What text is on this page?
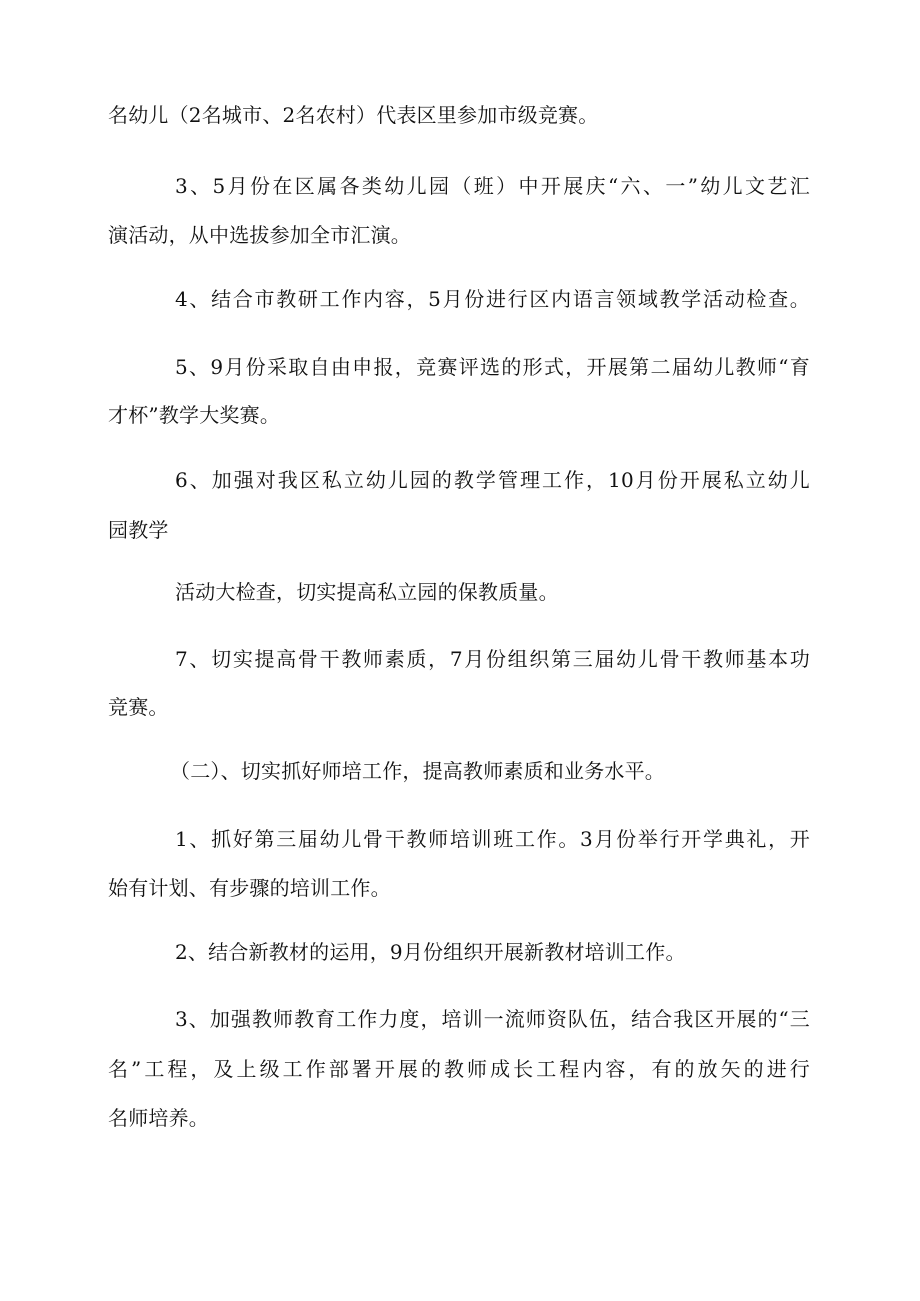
名幼儿（2名城市、2名农村）代表区里参加市级竞赛。
3、5月份在区属各类幼儿园（班）中开展庆“六、一”幼儿文艺汇
演活动，从中选拔参加全市汇演。
4、结合市教研工作内容，5月份进行区内语言领域教学活动检查。
5、9月份采取自由申报，竞赛评选的形式，开展第二届幼儿教师“育
才杯”教学大奖赛。
6、加强对我区私立幼儿园的教学管理工作，10月份开展私立幼儿
园教学
活动大检查，切实提高私立园的保教质量。
7、切实提高骨干教师素质，7月份组织第三届幼儿骨干教师基本功
竞赛。
（二）、切实抓好师培工作，提高教师素质和业务水平。
1、抓好第三届幼儿骨干教师培训班工作。3月份举行开学典礼，开
始有计划、有步骤的培训工作。
2、结合新教材的运用，9月份组织开展新教材培训工作。
3、加强教师教育工作力度，培训一流师资队伍，结合我区开展的“三
名”工程，及上级工作部署开展的教师成长工程内容，有的放矢的进行
名师培养。
